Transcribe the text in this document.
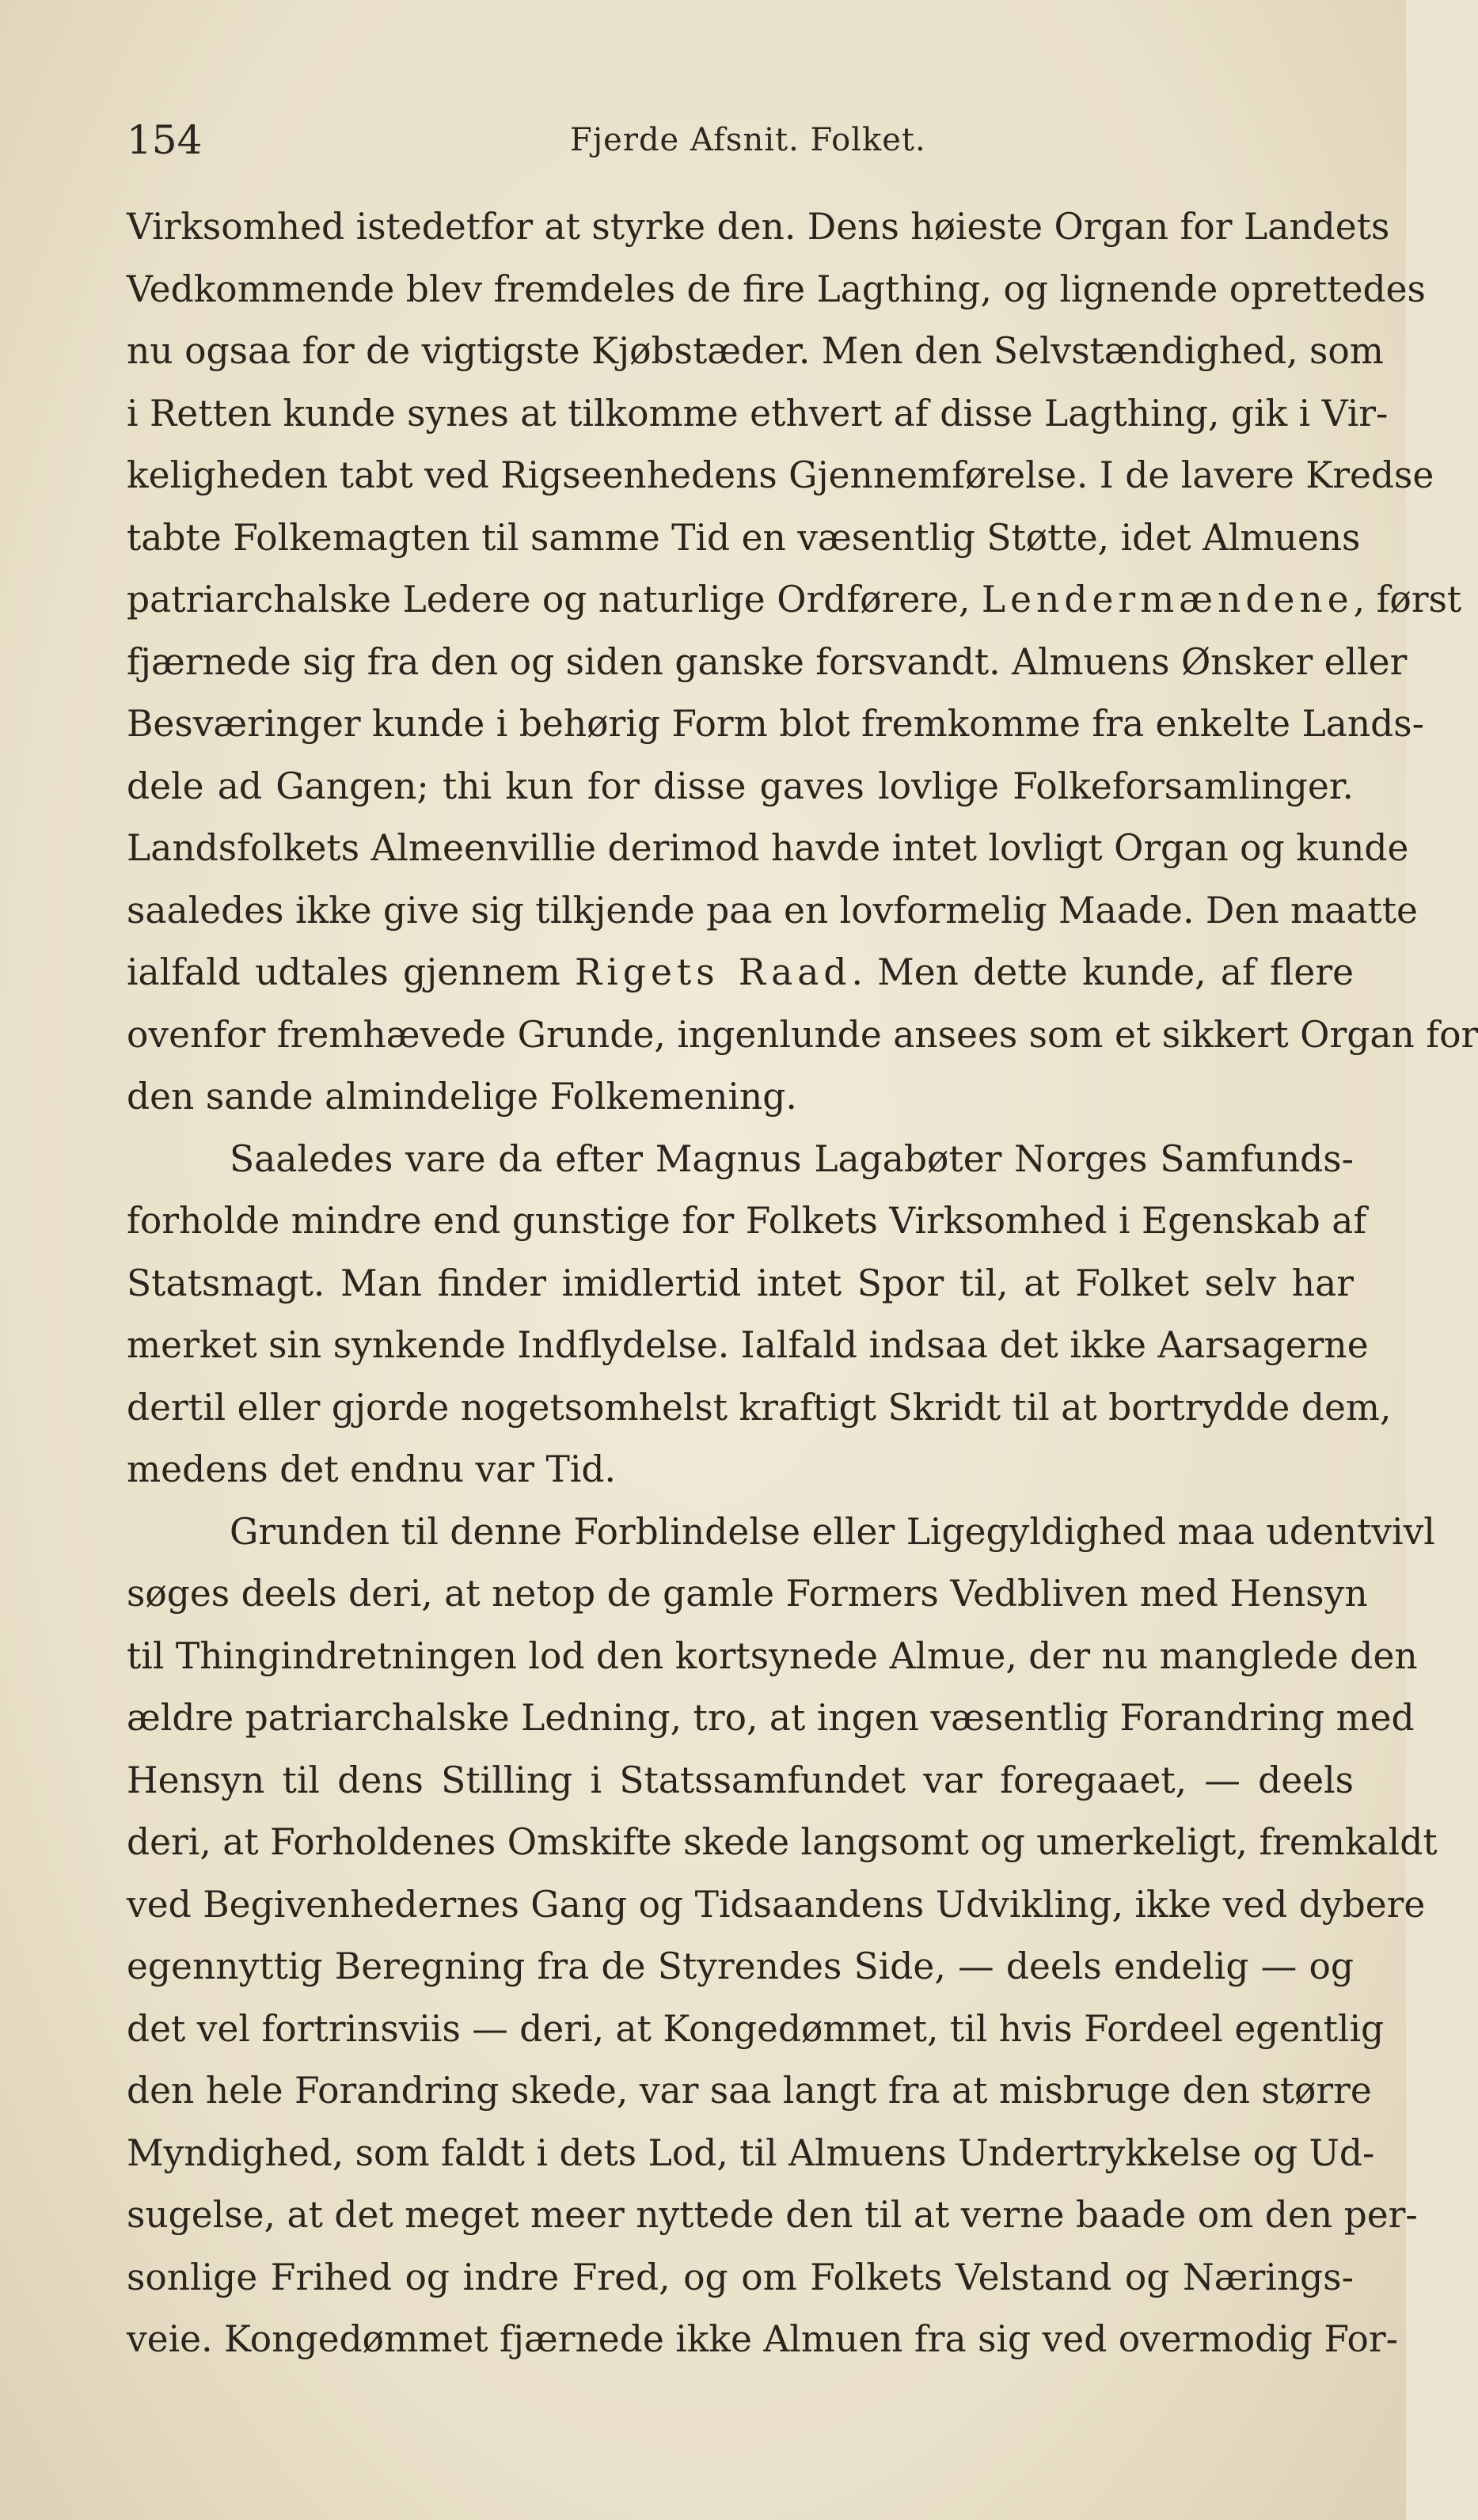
154	Fjerde Afsnit. Folket.
Virksomhed istedetfor at styrke den. Dens høieste Organ for Landets
Vedkommende blev fremdeles de fire Lagthing, og lignende oprettedes
nu ogsaa for de vigtigste Kjøbstæder. Men den Selvstændighed, som
i Retten kunde synes at tilkomme ethvert af disse Lagthing, gik i Vir-
keligheden tabt ved Rigseenhedens Gjennemførelse. I de lavere Kredse
tabte Folkemagten til samme Tid en væsentlig Støtte, idet Almuens
patriarchalske Ledere og naturlige Ordførere, Lendermændene, først
fjærnede sig fra den og siden ganske forsvandt. Almuens Ønsker eller
Besværinger kunde i behørig Form blot fremkomme fra enkelte Lands-
dele ad Gangen; thi kun for disse gaves lovlige Folkeforsamlinger.
Landsfolkets Almeenvillie derimod havde intet lovligt Organ og kunde
saaledes ikke give sig tilkjende paa en lovformelig Maade. Den maatte
ialfald udtales gjennem Rigets Raad. Men dette kunde, af flere
ovenfor fremhævede Grunde, ingenlunde ansees som et sikkert Organ for
den sande almindelige Folkemening.
Saaledes vare da efter Magnus Lagabøter Norges Samfunds-
forholde mindre end gunstige for Folkets Virksomhed i Egenskab af
Statsmagt. Man finder imidlertid intet Spor til, at Folket selv har
merket sin synkende Indflydelse. Ialfald indsaa det ikke Aarsagerne
dertil eller gjorde nogetsomhelst kraftigt Skridt til at bortrydde dem,
medens det endnu var Tid.
Grunden til denne Forblindelse eller Ligegyldighed maa udentvivl
søges deels deri, at netop de gamle Formers Vedbliven med Hensyn
til Thingindretningen lod den kortsynede Almue, der nu manglede den
ældre patriarchalske Ledning, tro, at ingen væsentlig Forandring med
Hensyn til dens Stilling i Statssamfundet var foregaaet, — deels
deri, at Forholdenes Omskifte skede langsomt og umerkeligt, fremkaldt
ved Begivenhedernes Gang og Tidsaandens Udvikling, ikke ved dybere
egennyttig Beregning fra de Styrendes Side, — deels endelig — og
det vel fortrinsviis — deri, at Kongedømmet, til hvis Fordeel egentlig
den hele Forandring skede, var saa langt fra at misbruge den større
Myndighed, som faldt i dets Lod, til Almuens Undertrykkelse og Ud-
sugelse, at det meget meer nyttede den til at verne baade om den per-
sonlige Frihed og indre Fred, og om Folkets Velstand og Nærings-
veie. Kongedømmet fjærnede ikke Almuen fra sig ved overmodig For-
